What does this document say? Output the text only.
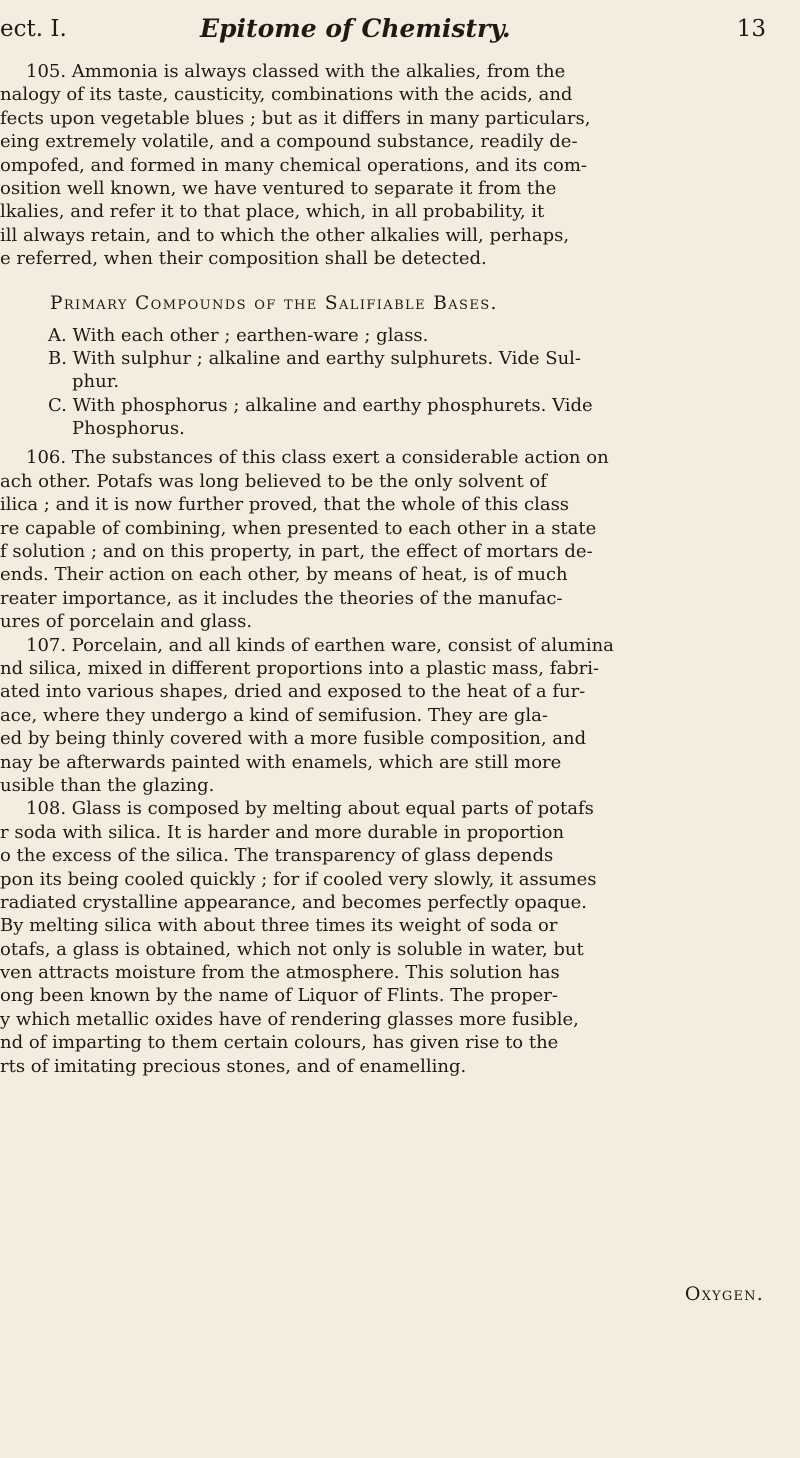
ect. I.	Epitome of Chemistry.	13
105. Ammonia is always classed with the alkalies, from the
nalogy of its taste, causticity, combinations with the acids, and
fects upon vegetable blues ; but as it differs in many particulars,
eing extremely volatile, and a compound substance, readily de-
ompofed, and formed in many chemical operations, and its com-
osition well known, we have ventured to separate it from the
lkalies, and refer it to that place, which, in all probability, it
ill always retain, and to which the other alkalies will, perhaps,
e referred, when their composition shall be detected.
Primary Compounds of the Salifiable Bases.
A. With each other ; earthen-ware ; glass.
B. With sulphur ; alkaline and earthy sulphurets. Vide Sul-
phur.
C. With phosphorus ; alkaline and earthy phosphurets. Vide
Phosphorus.
106. The substances of this class exert a considerable action on
ach other. Potafs was long believed to be the only solvent of
ilica ; and it is now further proved, that the whole of this class
re capable of combining, when presented to each other in a state
f solution ; and on this property, in part, the effect of mortars de-
ends. Their action on each other, by means of heat, is of much
reater importance, as it includes the theories of the manufac-
ures of porcelain and glass.
107. Porcelain, and all kinds of earthen ware, consist of alumina
nd silica, mixed in different proportions into a plastic mass, fabri-
ated into various shapes, dried and exposed to the heat of a fur-
ace, where they undergo a kind of semifusion. They are gla-
ed by being thinly covered with a more fusible composition, and
nay be afterwards painted with enamels, which are still more
usible than the glazing.
108. Glass is composed by melting about equal parts of potafs
r soda with silica. It is harder and more durable in proportion
o the excess of the silica. The transparency of glass depends
pon its being cooled quickly ; for if cooled very slowly, it assumes
radiated crystalline appearance, and becomes perfectly opaque.
By melting silica with about three times its weight of soda or
otafs, a glass is obtained, which not only is soluble in water, but
ven attracts moisture from the atmosphere. This solution has
ong been known by the name of Liquor of Flints. The proper-
y which metallic oxides have of rendering glasses more fusible,
nd of imparting to them certain colours, has given rise to the
rts of imitating precious stones, and of enamelling.
Oxygen.
